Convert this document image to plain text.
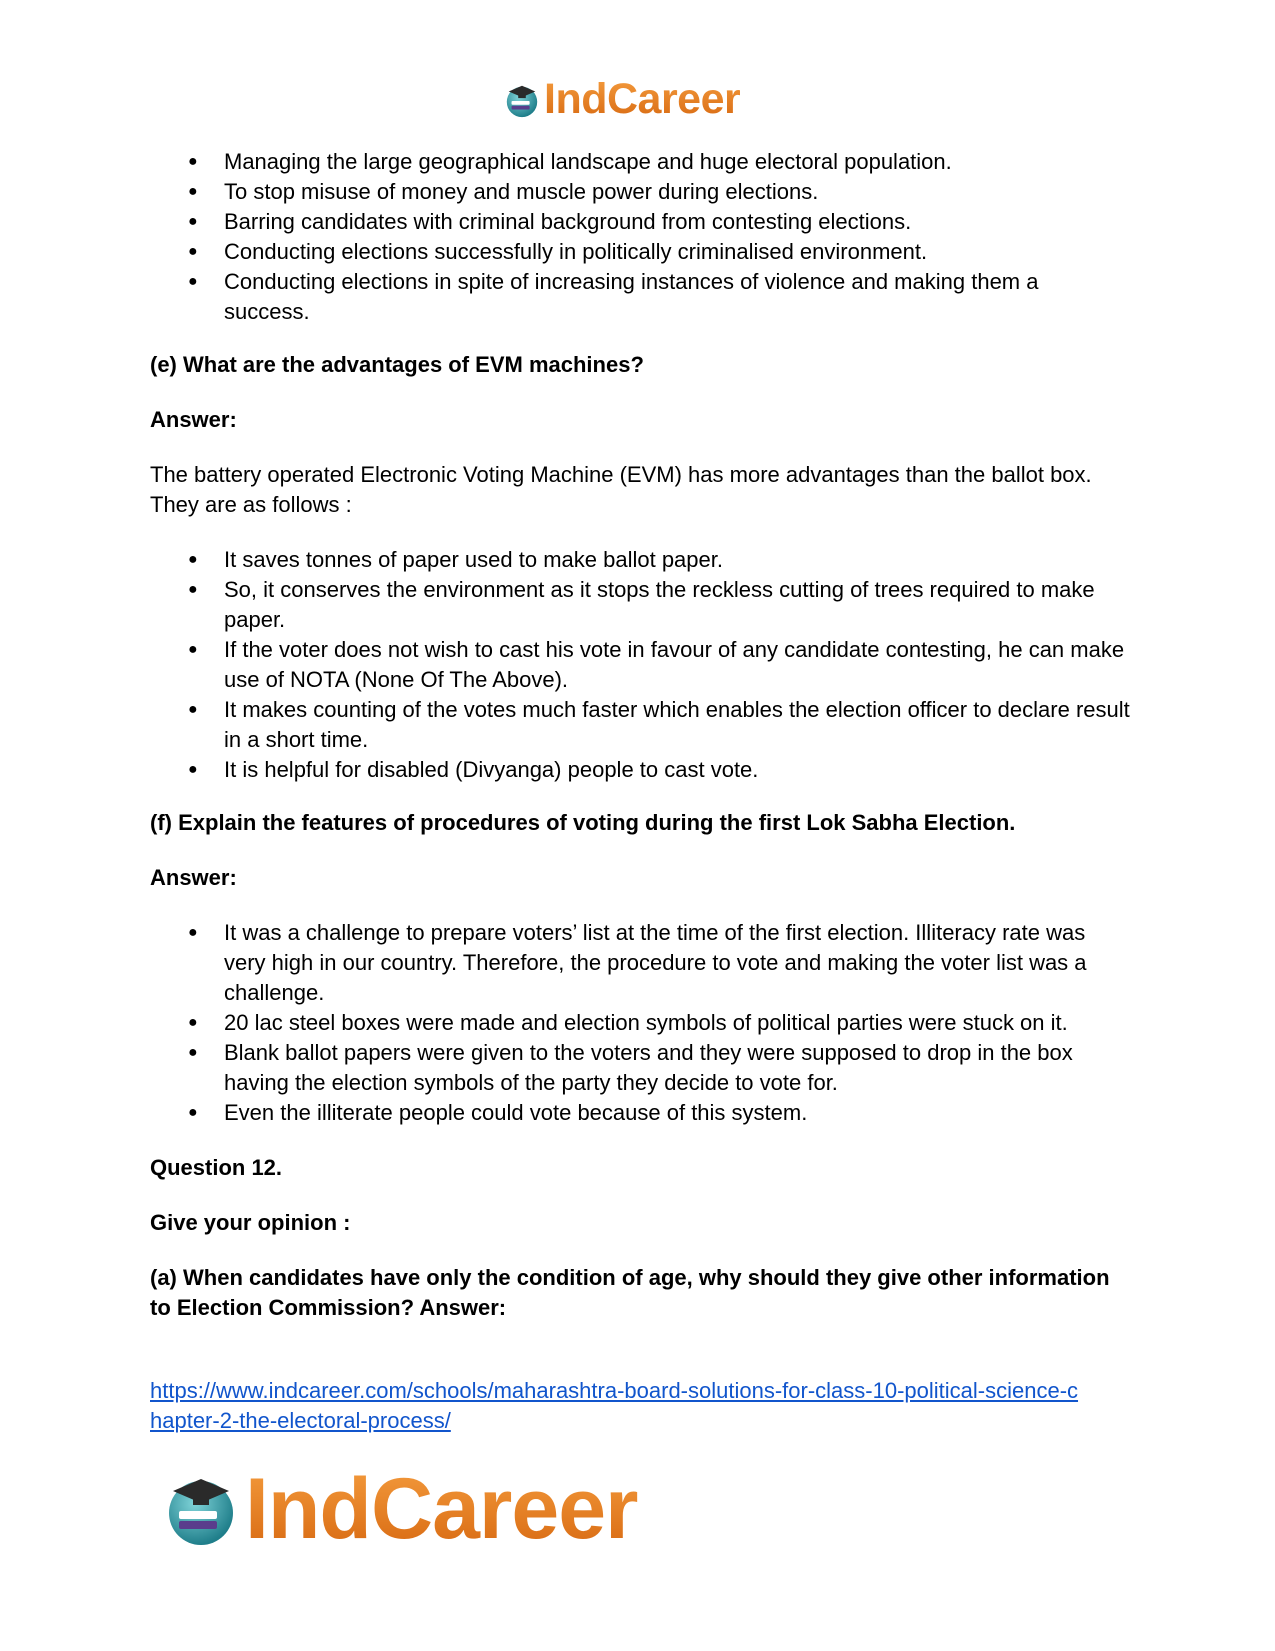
IndCareer
● Managing the large geographical landscape and huge electoral population.
● To stop misuse of money and muscle power during elections.
● Barring candidates with criminal background from contesting elections.
● Conducting elections successfully in politically criminalised environment.
● Conducting elections in spite of increasing instances of violence and making them a success.

(e) What are the advantages of EVM machines?

Answer:

The battery operated Electronic Voting Machine (EVM) has more advantages than the ballot box. They are as follows :

● It saves tonnes of paper used to make ballot paper.
● So, it conserves the environment as it stops the reckless cutting of trees required to make paper.
● If the voter does not wish to cast his vote in favour of any candidate contesting, he can make use of NOTA (None Of The Above).
● It makes counting of the votes much faster which enables the election officer to declare result in a short time.
● It is helpful for disabled (Divyanga) people to cast vote.

(f) Explain the features of procedures of voting during the first Lok Sabha Election.

Answer:

● It was a challenge to prepare voters’ list at the time of the first election. Illiteracy rate was very high in our country. Therefore, the procedure to vote and making the voter list was a challenge.
● 20 lac steel boxes were made and election symbols of political parties were stuck on it.
● Blank ballot papers were given to the voters and they were supposed to drop in the box having the election symbols of the party they decide to vote for.
● Even the illiterate people could vote because of this system.

Question 12.

Give your opinion :

(a) When candidates have only the condition of age, why should they give other information to Election Commission? Answer:

https://www.indcareer.com/schools/maharashtra-board-solutions-for-class-10-political-science-c
hapter-2-the-electoral-process/
IndCareer
